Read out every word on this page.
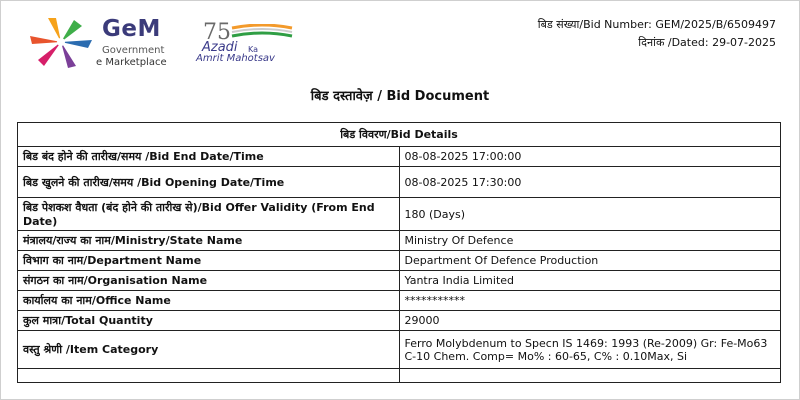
GeM
Government
e Marketplace
75
Azadi Ka
Amrit Mahotsav
बिड संख्या/Bid Number: GEM/2025/B/6509497
दिनांक /Dated: 29-07-2025
बिड दस्तावेज़ / Bid Document
बिड विवरण/Bid Details	
बिड बंद होने की तारीख/समय /Bid End Date/Time	08-08-2025 17:00:00
बिड खुलने की तारीख/समय /Bid Opening Date/Time	08-08-2025 17:30:00
बिड पेशकश वैधता (बंद होने की तारीख से)/Bid Offer Validity (From End Date)	180 (Days)
मंत्रालय/राज्य का नाम/Ministry/State Name	Ministry Of Defence
विभाग का नाम/Department Name	Department Of Defence Production
संगठन का नाम/Organisation Name	Yantra India Limited
कार्यालय का नाम/Office Name	***********
कुल मात्रा/Total Quantity	29000
वस्तु श्रेणी /Item Category	Ferro Molybdenum to Specn IS 1469: 1993 (Re-2009) Gr: Fe-Mo63 C-10 Chem. Comp= Mo% : 60-65, C% : 0.10Max, Si
